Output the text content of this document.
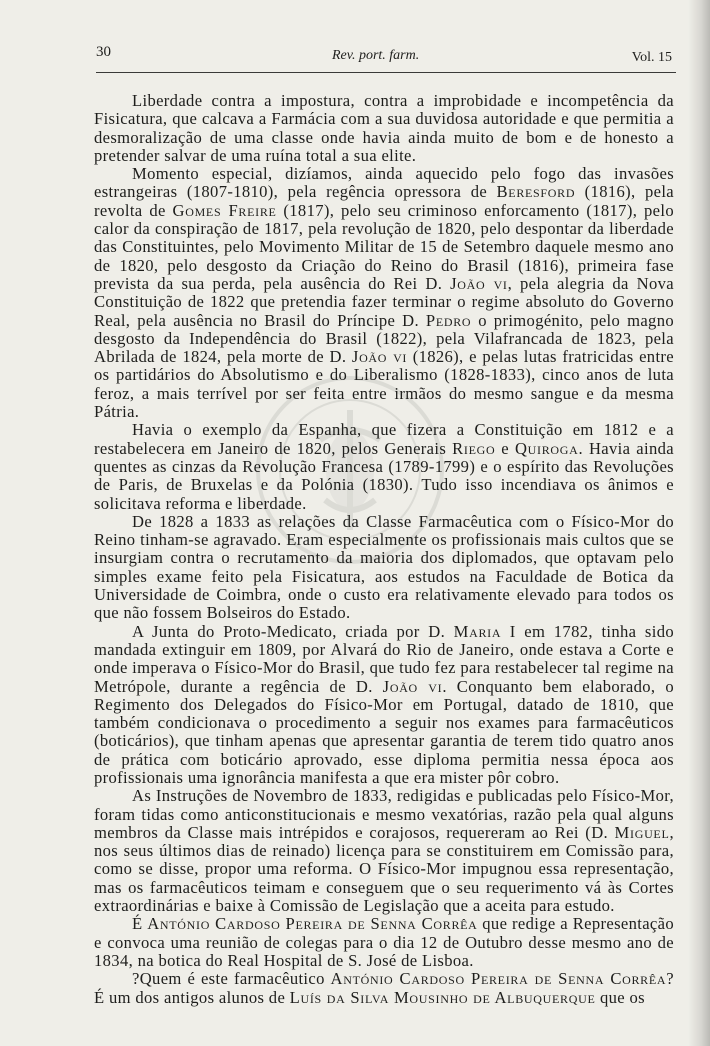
30	Rev. port. farm.	Vol. 15

Liberdade contra a impostura, contra a improbidade e incompetência da Fisicatura, que calcava a Farmácia com a sua duvidosa autoridade e que permitia a desmoralização de uma classe onde havia ainda muito de bom e de honesto a pretender salvar de uma ruína total a sua elite.

Momento especial, dizíamos, ainda aquecido pelo fogo das invasões estrangeiras (1807-1810), pela regência opressora de Beresford (1816), pela revolta de Gomes Freire (1817), pelo seu criminoso enforcamento (1817), pelo calor da conspiração de 1817, pela revolução de 1820, pelo despontar da liberdade das Constituintes, pelo Movimento Militar de 15 de Setembro daquele mesmo ano de 1820, pelo desgosto da Criação do Reino do Brasil (1816), primeira fase prevista da sua perda, pela ausência do Rei D. João vi, pela alegria da Nova Constituição de 1822 que pretendia fazer terminar o regime absoluto do Governo Real, pela ausência no Brasil do Príncipe D. Pedro o primogénito, pelo magno desgosto da Independência do Brasil (1822), pela Vilafrancada de 1823, pela Abrilada de 1824, pela morte de D. João vi (1826), e pelas lutas fratricidas entre os partidários do Absolutismo e do Liberalismo (1828-1833), cinco anos de luta feroz, a mais terrível por ser feita entre irmãos do mesmo sangue e da mesma Pátria.

Havia o exemplo da Espanha, que fizera a Constituição em 1812 e a restabelecera em Janeiro de 1820, pelos Generais Riego e Quiroga. Havia ainda quentes as cinzas da Revolução Francesa (1789-1799) e o espírito das Revoluções de Paris, de Bruxelas e da Polónia (1830). Tudo isso incendiava os ânimos e solicitava reforma e liberdade.

De 1828 a 1833 as relações da Classe Farmacêutica com o Físico-Mor do Reino tinham-se agravado. Eram especialmente os profissionais mais cultos que se insurgiam contra o recrutamento da maioria dos diplomados, que optavam pelo simples exame feito pela Fisicatura, aos estudos na Faculdade de Botica da Universidade de Coimbra, onde o custo era relativamente elevado para todos os que não fossem Bolseiros do Estado.

A Junta do Proto-Medicato, criada por D. Maria I em 1782, tinha sido mandada extinguir em 1809, por Alvará do Rio de Janeiro, onde estava a Corte e onde imperava o Físico-Mor do Brasil, que tudo fez para restabelecer tal regime na Metrópole, durante a regência de D. João vi. Conquanto bem elaborado, o Regimento dos Delegados do Físico-Mor em Portugal, datado de 1810, que também condicionava o procedimento a seguir nos exames para farmacêuticos (boticários), que tinham apenas que apresentar garantia de terem tido quatro anos de prática com boticário aprovado, esse diploma permitia nessa época aos profissionais uma ignorância manifesta a que era mister pôr cobro.

As Instruções de Novembro de 1833, redigidas e publicadas pelo Físico-Mor, foram tidas como anticonstitucionais e mesmo vexatórias, razão pela qual alguns membros da Classe mais intrépidos e corajosos, requereram ao Rei (D. Miguel, nos seus últimos dias de reinado) licença para se constituirem em Comissão para, como se disse, propor uma reforma. O Físico-Mor impugnou essa representação, mas os farmacêuticos teimam e conseguem que o seu requerimento vá às Cortes extraordinárias e baixe à Comissão de Legislação que a aceita para estudo.

É António Cardoso Pereira de Senna Corrêa que redige a Representação e convoca uma reunião de colegas para o dia 12 de Outubro desse mesmo ano de 1834, na botica do Real Hospital de S. José de Lisboa.

?Quem é este farmacêutico António Cardoso Pereira de Senna Corrêa? É um dos antigos alunos de Luís da Silva Mousinho de Albuquerque que os
